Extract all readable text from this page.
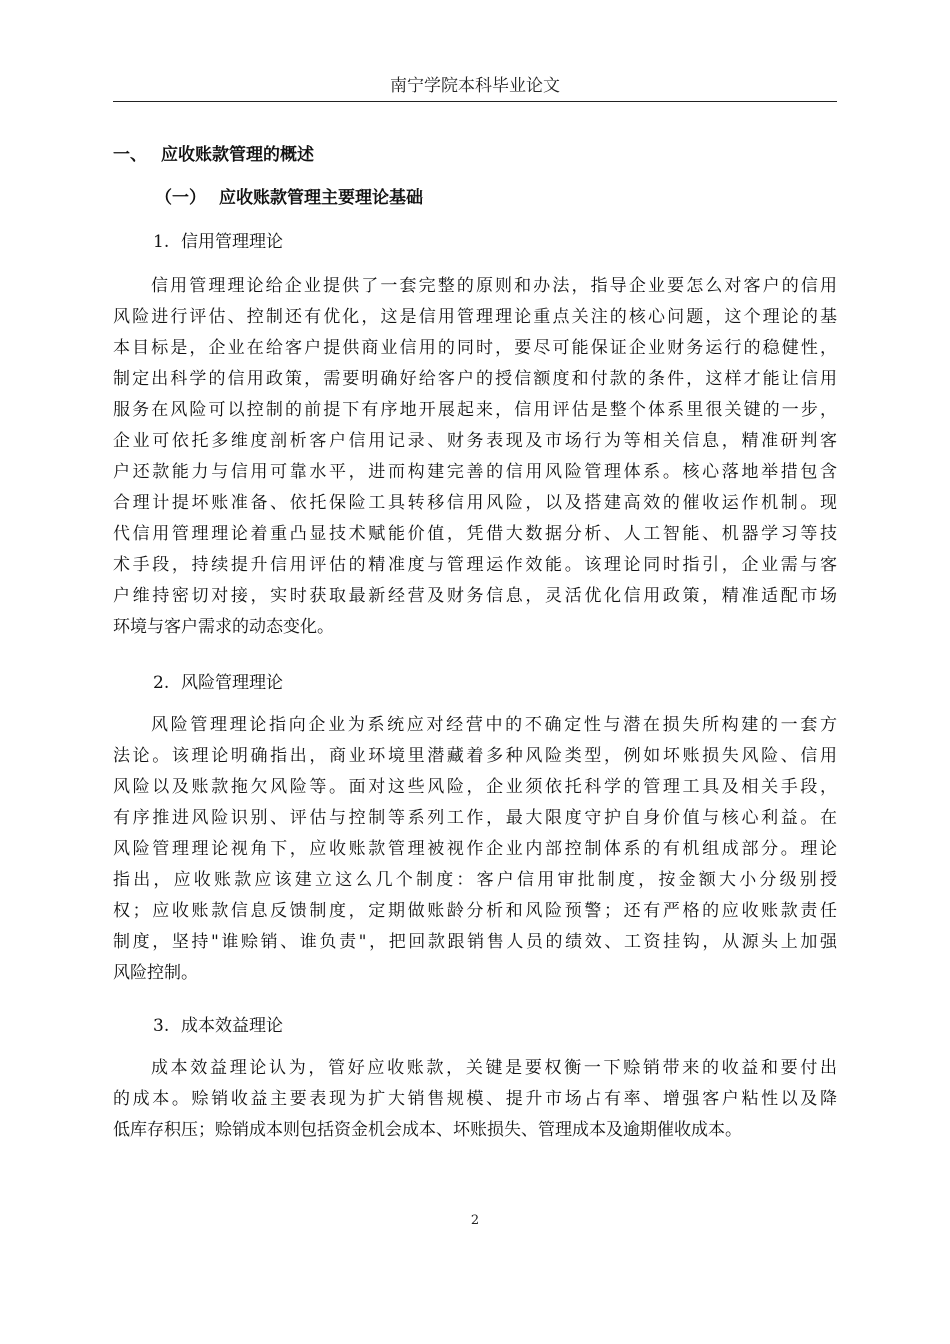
南宁学院本科毕业论文
一、 应收账款管理的概述
（一） 应收账款管理主要理论基础
1. 信用管理理论
信用管理理论给企业提供了一套完整的原则和办法，指导企业要怎么对客户的信用
风险进行评估、控制还有优化，这是信用管理理论重点关注的核心问题，这个理论的基
本目标是，企业在给客户提供商业信用的同时，要尽可能保证企业财务运行的稳健性，
制定出科学的信用政策，需要明确好给客户的授信额度和付款的条件，这样才能让信用
服务在风险可以控制的前提下有序地开展起来，信用评估是整个体系里很关键的一步，
企业可依托多维度剖析客户信用记录、财务表现及市场行为等相关信息，精准研判客
户还款能力与信用可靠水平，进而构建完善的信用风险管理体系。核心落地举措包含
合理计提坏账准备、依托保险工具转移信用风险，以及搭建高效的催收运作机制。现
代信用管理理论着重凸显技术赋能价值，凭借大数据分析、人工智能、机器学习等技
术手段，持续提升信用评估的精准度与管理运作效能。该理论同时指引，企业需与客
户维持密切对接，实时获取最新经营及财务信息，灵活优化信用政策，精准适配市场
环境与客户需求的动态变化。
2. 风险管理理论
风险管理理论指向企业为系统应对经营中的不确定性与潜在损失所构建的一套方
法论。该理论明确指出，商业环境里潜藏着多种风险类型，例如坏账损失风险、信用
风险以及账款拖欠风险等。面对这些风险，企业须依托科学的管理工具及相关手段，
有序推进风险识别、评估与控制等系列工作，最大限度守护自身价值与核心利益。在
风险管理理论视角下，应收账款管理被视作企业内部控制体系的有机组成部分。理论
指出，应收账款应该建立这么几个制度：客户信用审批制度，按金额大小分级别授
权；应收账款信息反馈制度，定期做账龄分析和风险预警；还有严格的应收账款责任
制度，坚持"谁赊销、谁负责"，把回款跟销售人员的绩效、工资挂钩，从源头上加强
风险控制。
3. 成本效益理论
成本效益理论认为，管好应收账款，关键是要权衡一下赊销带来的收益和要付出
的成本。赊销收益主要表现为扩大销售规模、提升市场占有率、增强客户粘性以及降
低库存积压；赊销成本则包括资金机会成本、坏账损失、管理成本及逾期催收成本。
2
